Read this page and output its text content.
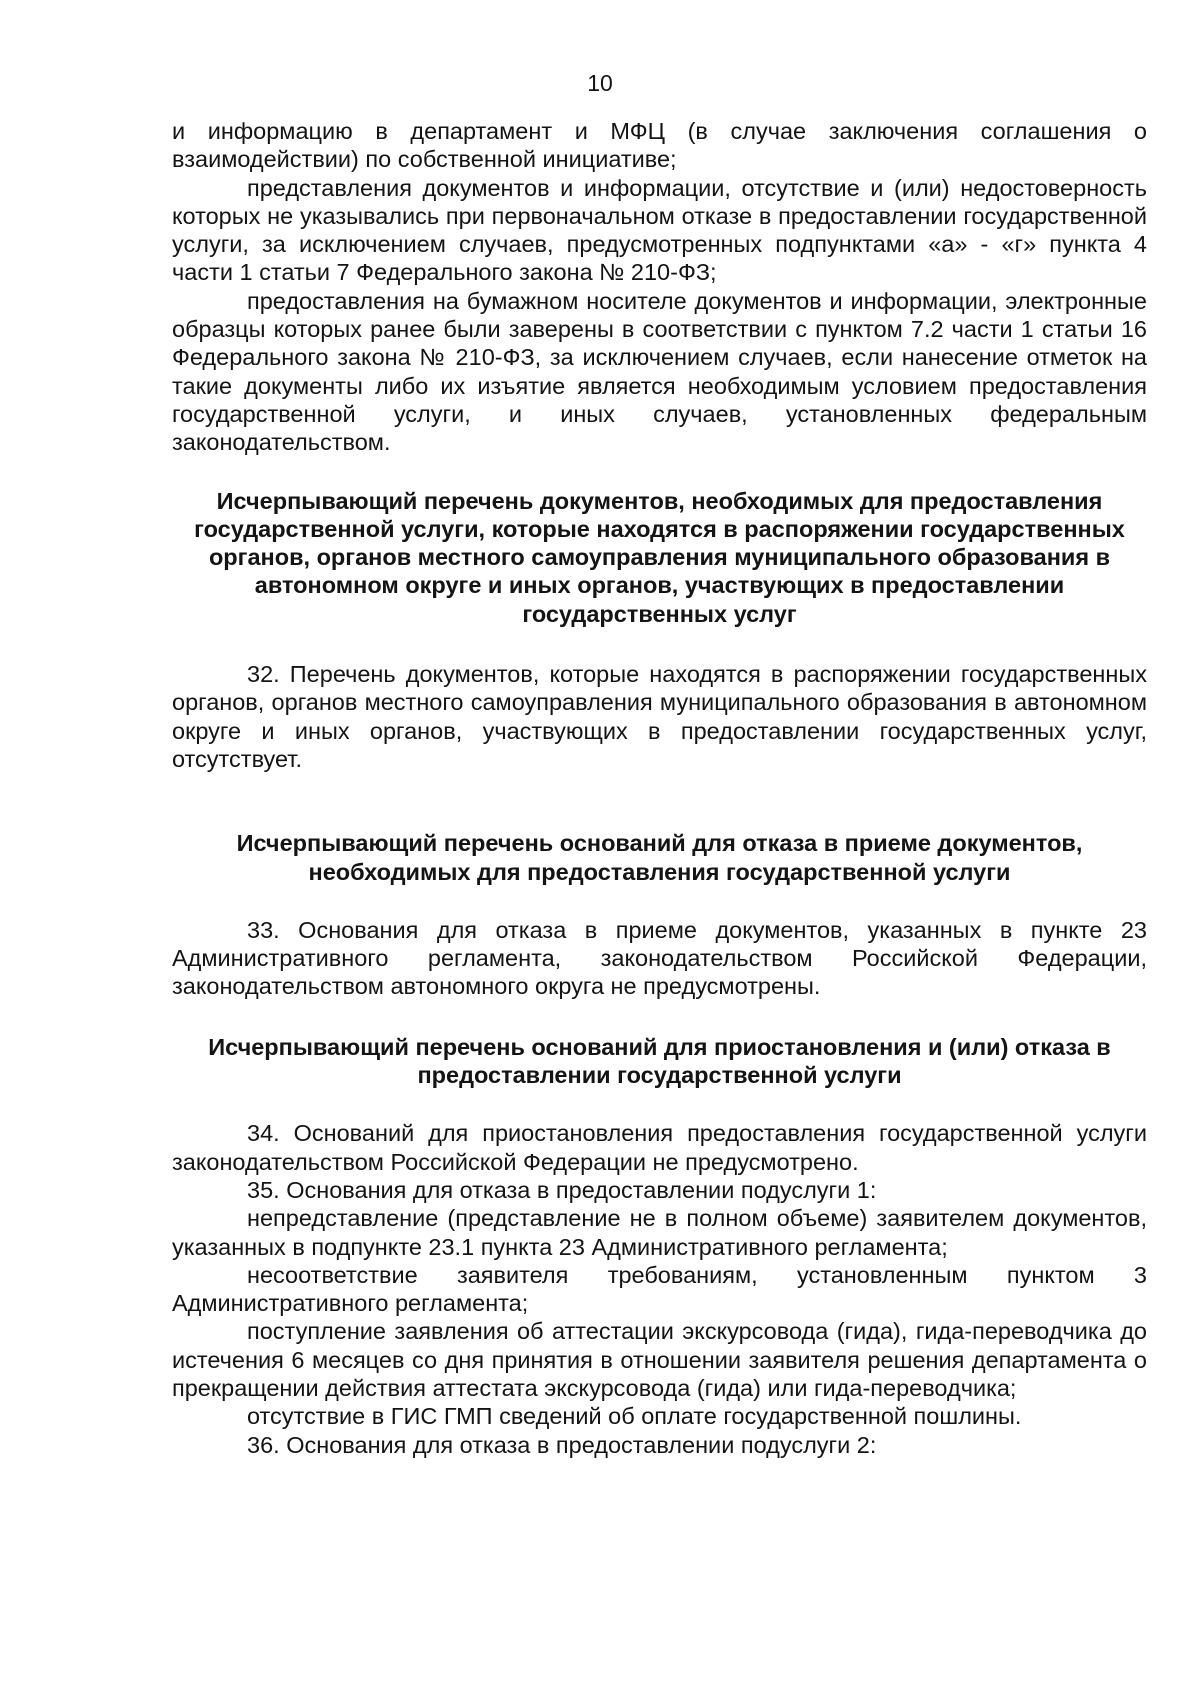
10

и информацию в департамент и МФЦ (в случае заключения соглашения о взаимодействии) по собственной инициативе;

представления документов и информации, отсутствие и (или) недостоверность которых не указывались при первоначальном отказе в предоставлении государственной услуги, за исключением случаев, предусмотренных подпунктами «а» - «г» пункта 4 части 1 статьи 7 Федерального закона № 210-ФЗ;

предоставления на бумажном носителе документов и информации, электронные образцы которых ранее были заверены в соответствии с пунктом 7.2 части 1 статьи 16 Федерального закона № 210-ФЗ, за исключением случаев, если нанесение отметок на такие документы либо их изъятие является необходимым условием предоставления государственной услуги, и иных случаев, установленных федеральным законодательством.

Исчерпывающий перечень документов, необходимых для предоставления государственной услуги, которые находятся в распоряжении государственных органов, органов местного самоуправления муниципального образования в автономном округе и иных органов, участвующих в предоставлении государственных услуг

32. Перечень документов, которые находятся в распоряжении государственных органов, органов местного самоуправления муниципального образования в автономном округе и иных органов, участвующих в предоставлении государственных услуг, отсутствует.

Исчерпывающий перечень оснований для отказа в приеме документов, необходимых для предоставления государственной услуги

33. Основания для отказа в приеме документов, указанных в пункте 23 Административного регламента, законодательством Российской Федерации, законодательством автономного округа не предусмотрены.

Исчерпывающий перечень оснований для приостановления и (или) отказа в предоставлении государственной услуги

34. Оснований для приостановления предоставления государственной услуги законодательством Российской Федерации не предусмотрено.

35. Основания для отказа в предоставлении подуслуги 1:

непредставление (представление не в полном объеме) заявителем документов, указанных в подпункте 23.1 пункта 23 Административного регламента;

несоответствие заявителя требованиям, установленным пунктом 3 Административного регламента;

поступление заявления об аттестации экскурсовода (гида), гида-переводчика до истечения 6 месяцев со дня принятия в отношении заявителя решения департамента о прекращении действия аттестата экскурсовода (гида) или гида-переводчика;

отсутствие в ГИС ГМП сведений об оплате государственной пошлины.

36. Основания для отказа в предоставлении подуслуги 2:
